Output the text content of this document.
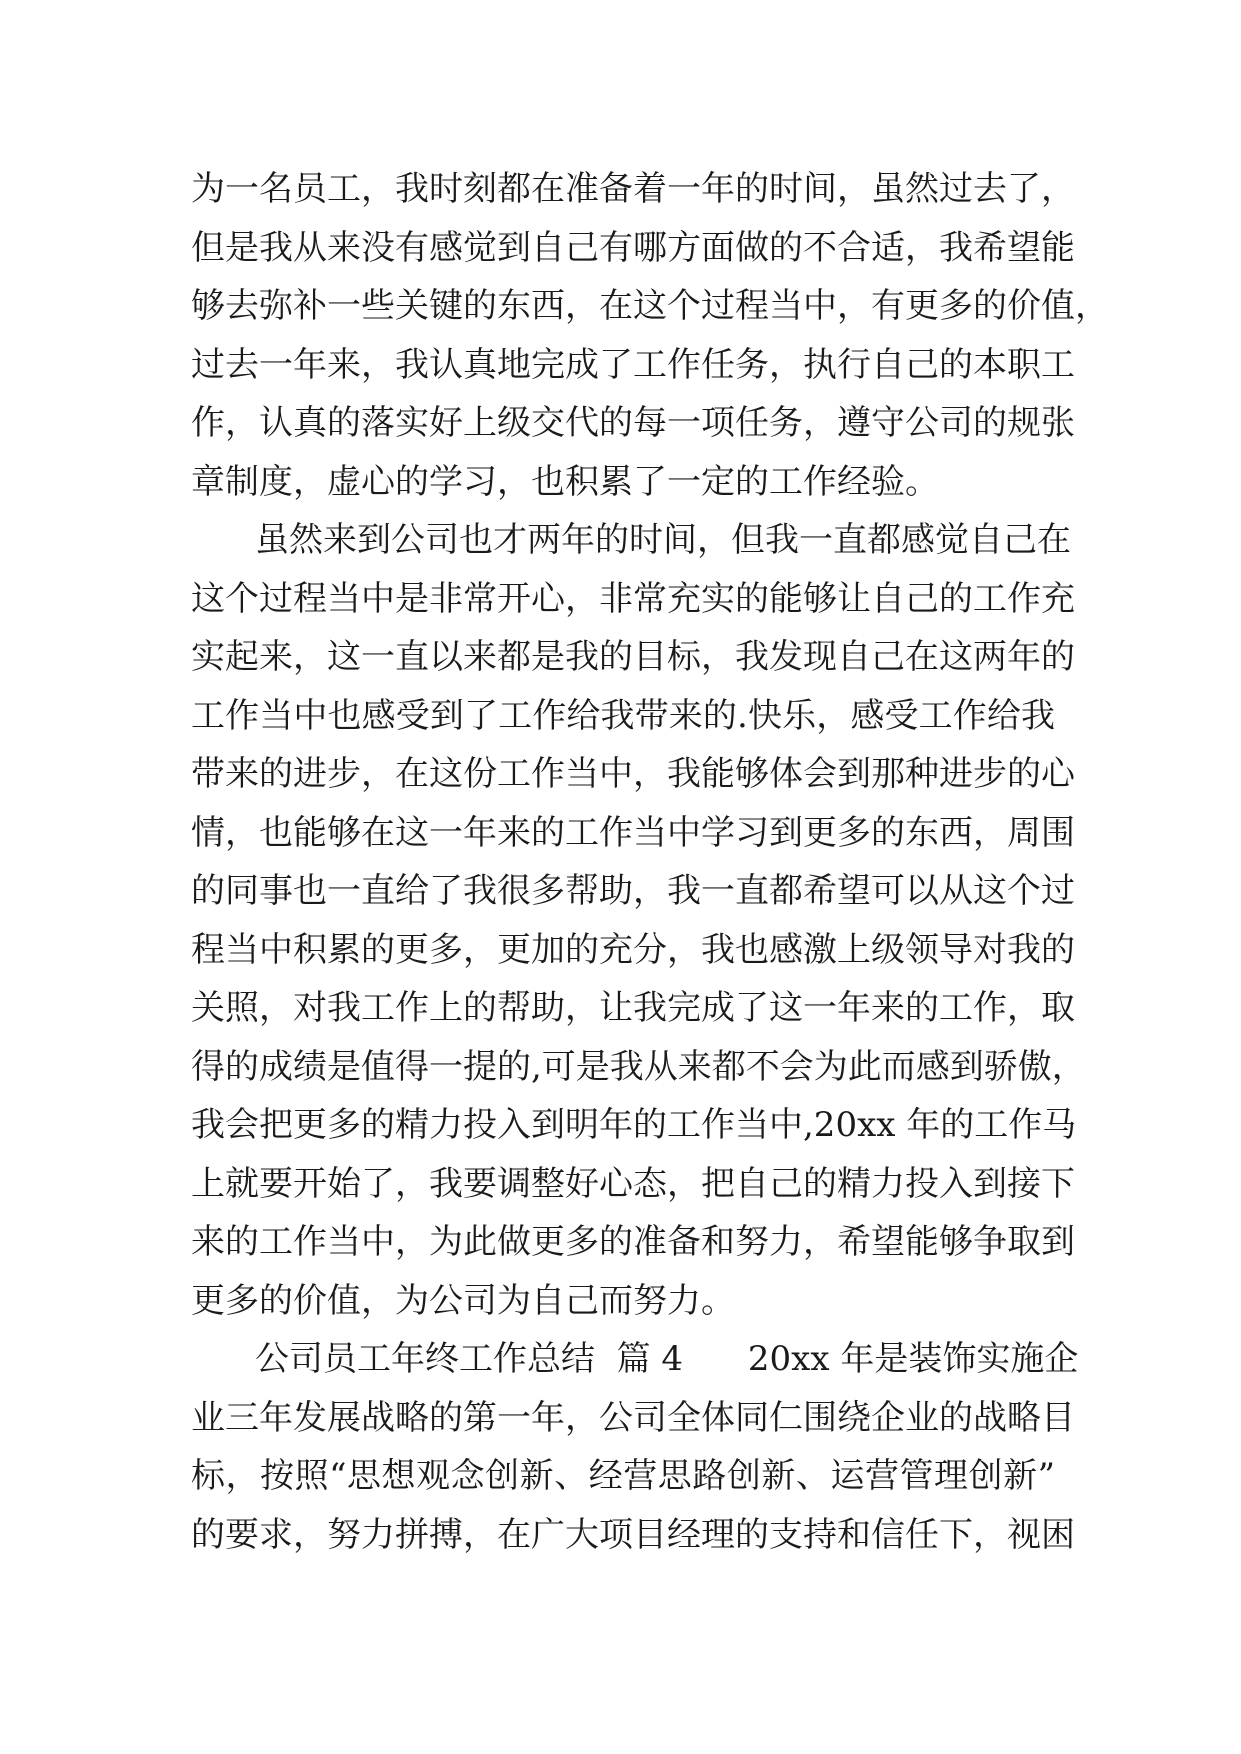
为一名员工，我时刻都在准备着一年的时间，虽然过去了，
但是我从来没有感觉到自己有哪方面做的不合适，我希望能
够去弥补一些关键的东西，在这个过程当中，有更多的价值，
过去一年来，我认真地完成了工作任务，执行自己的本职工
作，认真的落实好上级交代的每一项任务，遵守公司的规张
章制度，虚心的学习，也积累了一定的工作经验。
虽然来到公司也才两年的时间，但我一直都感觉自己在
这个过程当中是非常开心，非常充实的能够让自己的工作充
实起来，这一直以来都是我的目标，我发现自己在这两年的
工作当中也感受到了工作给我带来的.快乐，感受工作给我
带来的进步，在这份工作当中，我能够体会到那种进步的心
情，也能够在这一年来的工作当中学习到更多的东西，周围
的同事也一直给了我很多帮助，我一直都希望可以从这个过
程当中积累的更多，更加的充分，我也感激上级领导对我的
关照，对我工作上的帮助，让我完成了这一年来的工作，取
得的成绩是值得一提的,可是我从来都不会为此而感到骄傲，
我会把更多的精力投入到明年的工作当中,20xx 年的工作马
上就要开始了，我要调整好心态，把自己的精力投入到接下
来的工作当中，为此做更多的准备和努力，希望能够争取到
更多的价值，为公司为自己而努力。
公司员工年终工作总结  篇 4      20xx 年是装饰实施企
业三年发展战略的第一年，公司全体同仁围绕企业的战略目
标，按照“思想观念创新、经营思路创新、运营管理创新”
的要求，努力拼搏，在广大项目经理的支持和信任下，视困
